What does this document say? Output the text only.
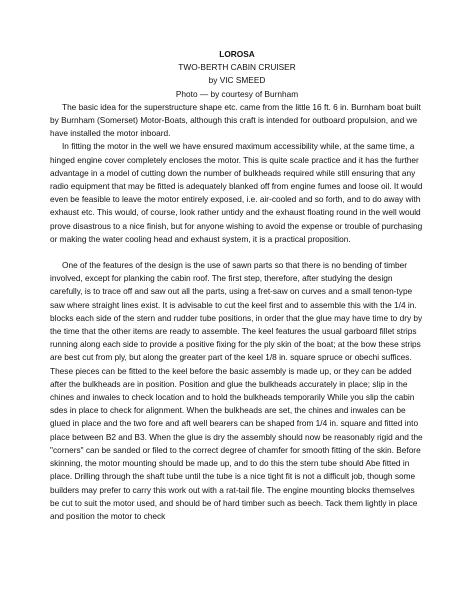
LOROSA
TWO-BERTH CABIN CRUISER
by VIC SMEED
Photo — by courtesy of Burnham

The basic idea for the superstructure shape etc. came from the little 16 ft. 6 in. Burnham boat built by Burnham (Somerset) Motor-Boats, although this craft is intended for outboard propulsion, and we have installed the motor inboard.

In fitting the motor in the well we have ensured maximum accessibility while, at the same time, a hinged engine cover completely encloses the motor. This is quite scale practice and it has the further advantage in a model of cutting down the number of bulkheads required while still ensuring that any radio equipment that may be fitted is adequately blanked off from engine fumes and loose oil. It would even be feasible to leave the motor entirely exposed, i.e. air-cooled and so forth, and to do away with exhaust etc. This would, of course, look rather untidy and the exhaust floating round in the well would prove disastrous to a nice finish, but for anyone wishing to avoid the expense or trouble of purchasing or making the water cooling head and exhaust system, it is a practical proposition.

One of the features of the design is the use of sawn parts so that there is no bending of timber involved, except for planking the cabin roof. The first step, therefore, after studying the design carefully, is to trace off and saw out all the parts, using a fret-saw on curves and a small tenon-type saw where straight lines exist. It is advisable to cut the keel first and to assemble this with the 1/4 in. blocks each side of the stern and rudder tube positions, in order that the glue may have time to dry by the time that the other items are ready to assemble. The keel features the usual garboard fillet strips running along each side to provide a positive fixing for the ply skin of the boat; at the bow these strips are best cut from ply, but along the greater part of the keel 1/8 in. square spruce or obechi suffices. These pieces can be fitted to the keel before the basic assembly is made up, or they can be added after the bulkheads are in position. Position and glue the bulkheads accurately in place; slip in the chines and inwales to check location and to hold the bulkheads temporarily While you slip the cabin sdes in place to check for alignment. When the bulkheads are set, the chines and inwales can be glued in place and the two fore and aft well bearers can be shaped from 1/4 in. square and fitted into place between B2 and B3. When the glue is dry the assembly should now be reasonably rigid and the "corners" can be sanded or filed to the correct degree of chamfer for smooth fitting of the skin. Before skinning, the motor mounting should be made up, and to do this the stern tube should Abe fitted in place. Drilling through the shaft tube until the tube is a nice tight fit is not a difficult job, though some builders may prefer to carry this work out with a rat-tail file. The engine mounting blocks themselves be cut to suit the motor used, and should be of hard timber such as beech. Tack them lightly in place and position the motor to check
